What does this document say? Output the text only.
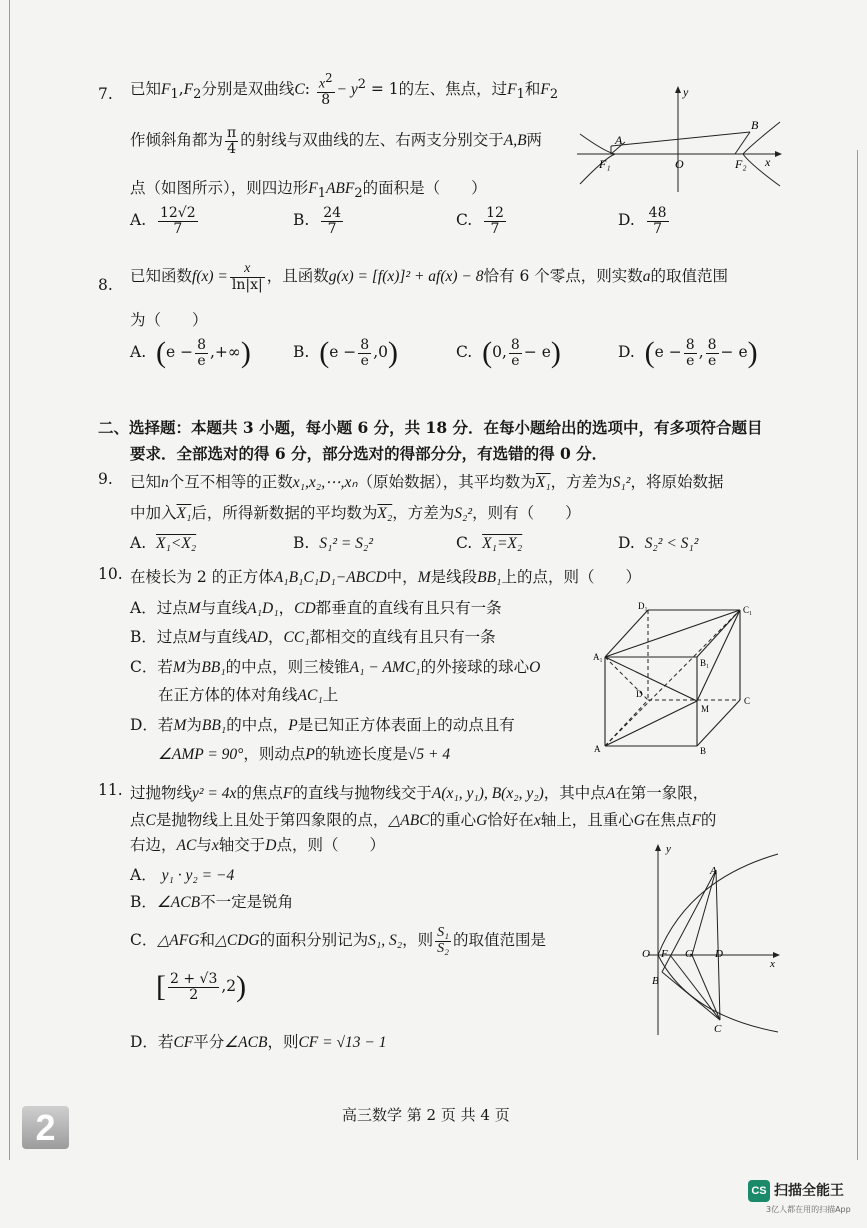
7. 已知$F_1,F_2$分别是双曲线C: $\frac{x^2}{8} - y^2 = 1$的左、焦点，过$F_1$和$F_2$
作倾斜角都为 $\frac{\pi}{4}$ 的射线与双曲线的左、右两支分别交于A,B两
点（如图所示），则四边形$F_1ABF_2$的面积是（　　）
A. $\frac{12√2}{7}$	B. $\frac{24}{7}$	C. $\frac{12}{7}$	D. $\frac{48}{7}$
y
x
O
A
B
F₁	F₂
8. 已知函数$f(x) = \frac{x}{\ln|x|}$ ，且函数g(x) = [f(x)]² + af(x) − 8恰有 6 个零点，则实数a的取值范围
为（　　）
A. ($e - \frac{8}{e}$ ,+∞)	B. $(e - \frac{8}{e} ,0)$	C. (0, $\frac{8}{e} - e$)	D. ($e - \frac{8}{e}$ , $\frac{8}{e} - e$)
二、选择题：本题共 3 小题，每小题 6 分，共 18 分．在每小题给出的选项中，有多项符合题目
要求．全部选对的得 6 分，部分选对的得部分分，有选错的得 0 分．
9. 已知n个互不相等的正数x₁,x₂,⋯,xₙ（原始数据），其平均数为X₁，方差为S₁²，将原始数据
中加入X₁后，所得新数据的平均数为X₂，方差为S₂²，则有（　　）
A. X₁<X₂	B. S₁² = S₂²	C. X₁=X₂	D. S₂² < S₁²
10. 在棱长为 2 的正方体A₁B₁C₁D₁−ABCD中，M是线段BB₁上的点，则（　　）
A．过点M与直线A₁D₁，CD都垂直的直线有且只有一条
B．过点M与直线AD，CC₁都相交的直线有且只有一条
C．若M为BB₁的中点，则三棱锥A₁ − AMC₁的外接球的球心O
在正方体的体对角线AC₁上
D．若M为BB₁的中点，P是已知正方体表面上的动点且有
∠AMP = 90°，则动点P的轨迹长度是√5 + 4
D₁	C₁
A₁
B₁
D
C
M
A	B
11. 过抛物线y² = 4x的焦点F的直线与抛物线交于A(x₁, y₁), B(x₂, y₂)，其中点A在第一象限，
点C是抛物线上且处于第四象限的点，△ABC的重心G恰好在x轴上，且重心G在焦点F的
右边，AC与x轴交于D点，则（　　）
A． y₁ · y₂ = −4
B．∠ACB不一定是锐角
C．△AFG和△CDG的面积分别记为S₁, S₂，则 $\frac{\text{S₁}}{\text{S₂}}$ 的取值范围是
[ $\frac{2 + √3}{2} ,2$)
D．若CF平分∠ACB，则CF = √13 − 1
y
x
O F G D
A
B
C
高三数学 第 2 页 共 4 页
2
CS 扫描全能王
3亿人都在用的扫描App
